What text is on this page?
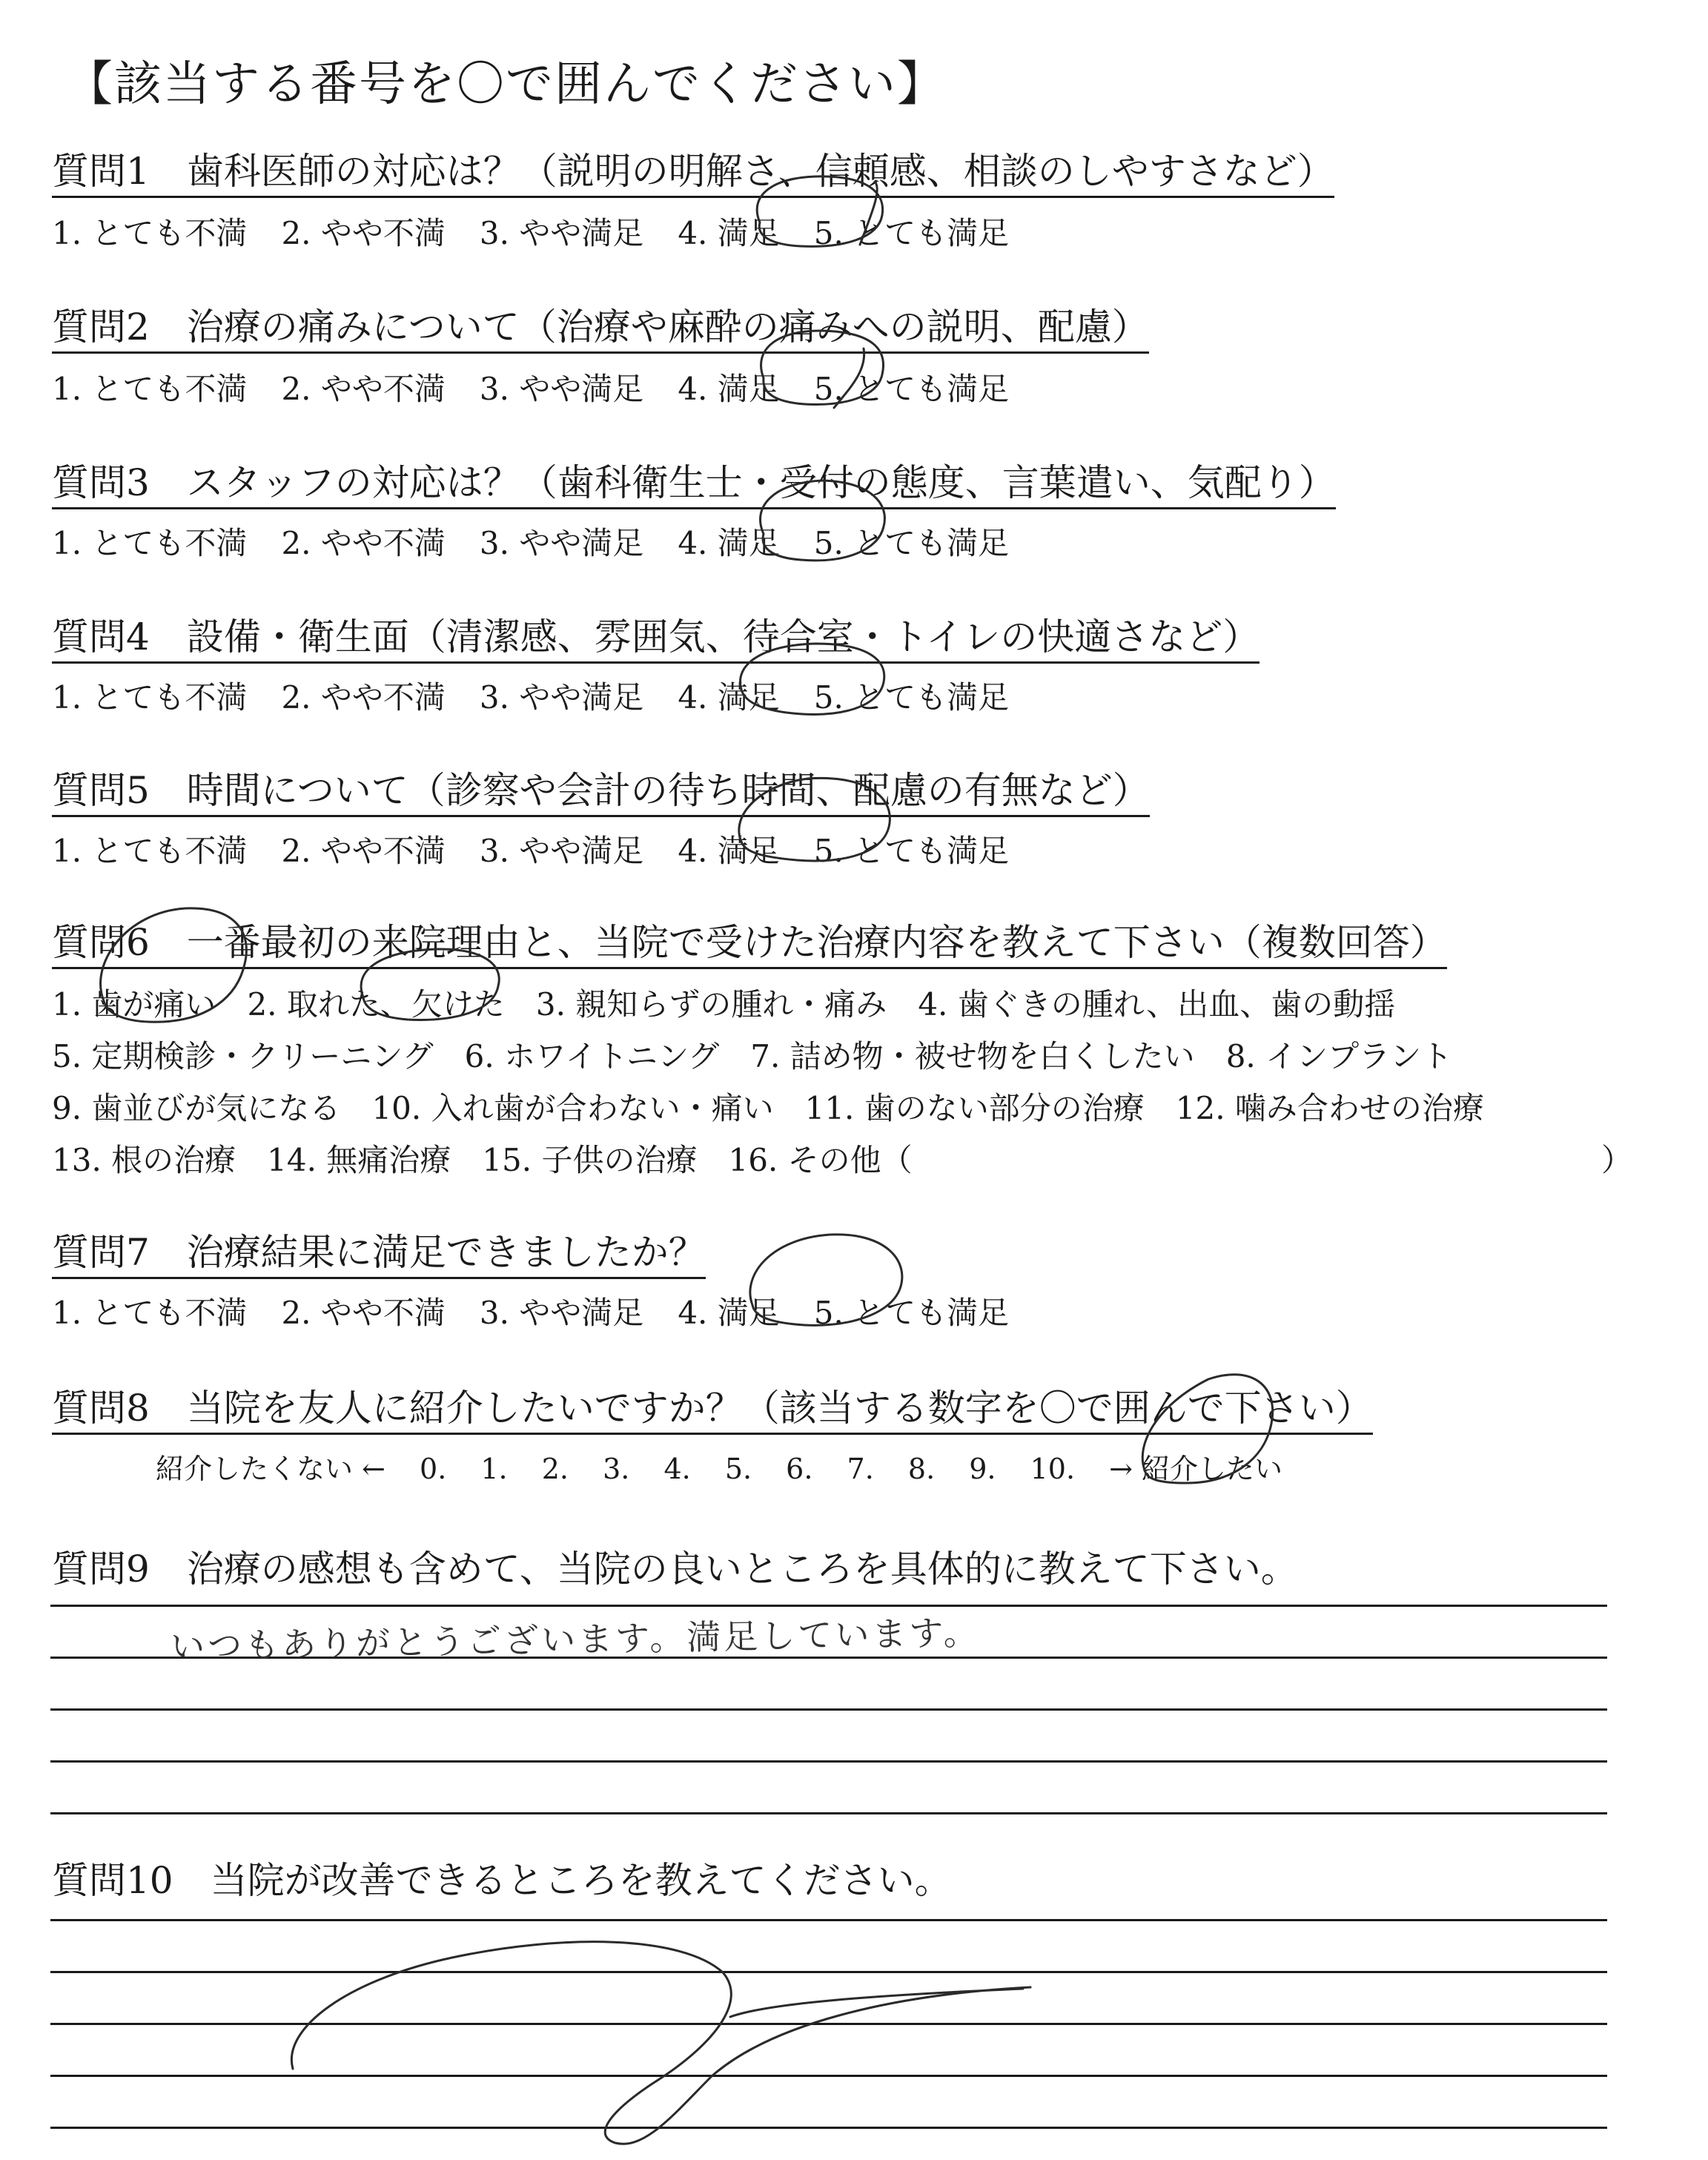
【該当する番号を〇で囲んでください】
質問1　歯科医師の対応は？（説明の明解さ、信頼感、相談のしやすさなど）
1. とても不満 2. やや不満 3. やや満足 4. 満足 5. とても満足
質問2　治療の痛みについて（治療や麻酔の痛みへの説明、配慮）
1. とても不満 2. やや不満 3. やや満足 4. 満足 5. とても満足
質問3　スタッフの対応は？（歯科衛生士・受付の態度、言葉遣い、気配り）
1. とても不満 2. やや不満 3. やや満足 4. 満足 5. とても満足
質問4　設備・衛生面（清潔感、雰囲気、待合室・トイレの快適さなど）
1. とても不満 2. やや不満 3. やや満足 4. 満足 5. とても満足
質問5　時間について（診察や会計の待ち時間、配慮の有無など）
1. とても不満 2. やや不満 3. やや満足 4. 満足 5. とても満足
質問6　一番最初の来院理由と、当院で受けた治療内容を教えて下さい（複数回答）
1. 歯が痛い 2. 取れた、欠けた 3. 親知らずの腫れ・痛み 4. 歯ぐきの腫れ、出血、歯の動揺
5. 定期検診・クリーニング 6. ホワイトニング 7. 詰め物・被せ物を白くしたい 8. インプラント
9. 歯並びが気になる 10. 入れ歯が合わない・痛い 11. 歯のない部分の治療 12. 噛み合わせの治療
13. 根の治療 14. 無痛治療 15. 子供の治療 16. その他（	）
質問7　治療結果に満足できましたか？
1. とても不満 2. やや不満 3. やや満足 4. 満足 5. とても満足
質問8　当院を友人に紹介したいですか？（該当する数字を〇で囲んで下さい）
紹介したくない ← 0. 1. 2. 3. 4. 5. 6. 7. 8. 9. 10. → 紹介したい
質問9　治療の感想も含めて、当院の良いところを具体的に教えて下さい。
いつもありがとうございます。満足しています。
質問10　当院が改善できるところを教えてください。
